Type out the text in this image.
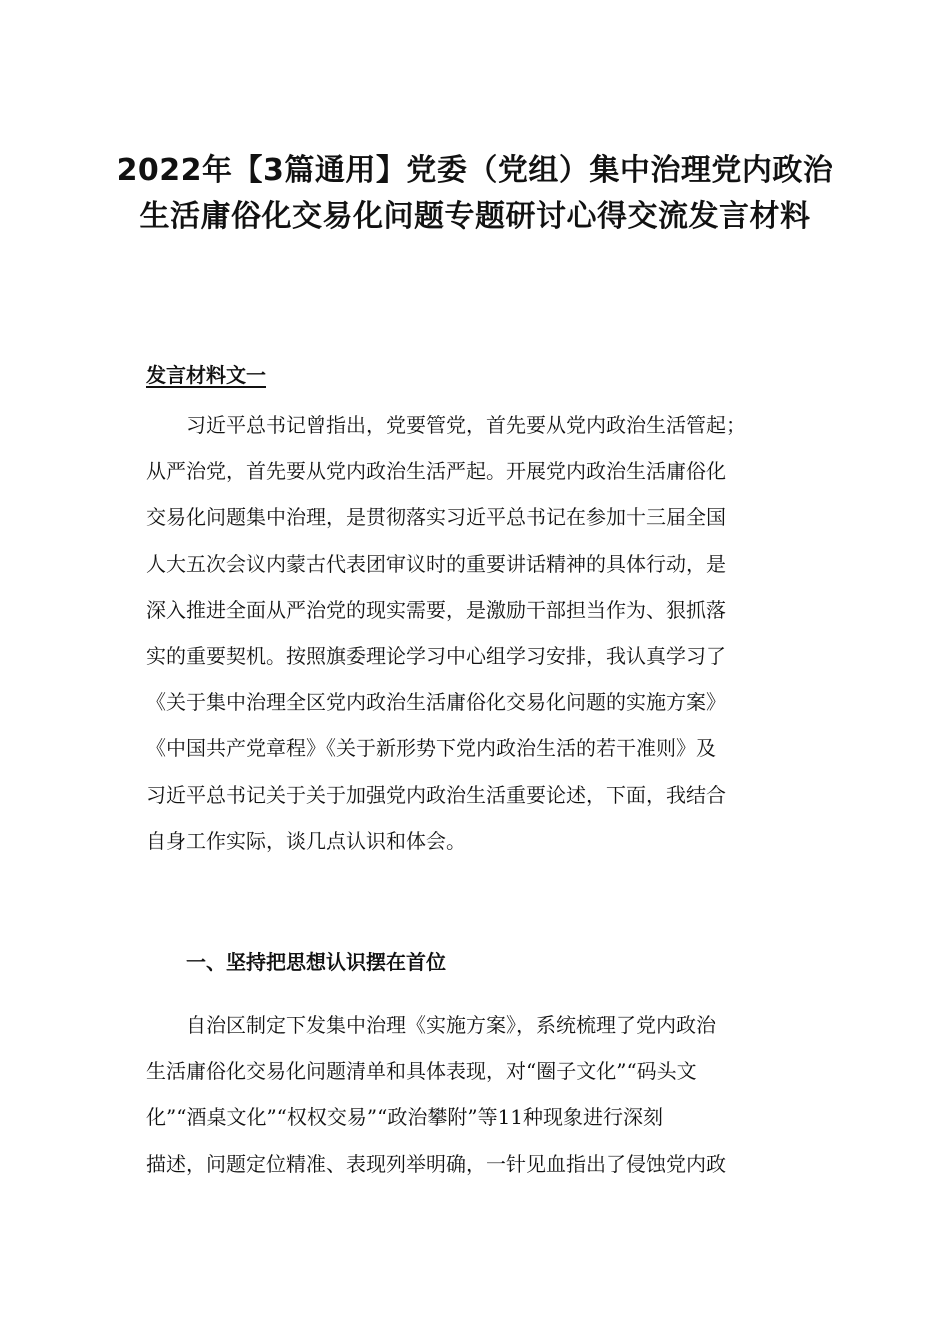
2022年【3篇通用】党委（党组）集中治理党内政治
生活庸俗化交易化问题专题研讨心得交流发言材料
发言材料文一
习近平总书记曾指出，党要管党，首先要从党内政治生活管起；
从严治党，首先要从党内政治生活严起。开展党内政治生活庸俗化
交易化问题集中治理，是贯彻落实习近平总书记在参加十三届全国
人大五次会议内蒙古代表团审议时的重要讲话精神的具体行动，是
深入推进全面从严治党的现实需要，是激励干部担当作为、狠抓落
实的重要契机。按照旗委理论学习中心组学习安排，我认真学习了
《关于集中治理全区党内政治生活庸俗化交易化问题的实施方案》
《中国共产党章程》《关于新形势下党内政治生活的若干准则》及
习近平总书记关于关于加强党内政治生活重要论述，下面，我结合
自身工作实际，谈几点认识和体会。
一、坚持把思想认识摆在首位
自治区制定下发集中治理《实施方案》，系统梳理了党内政治
生活庸俗化交易化问题清单和具体表现，对“圈子文化”“码头文
化”“酒桌文化”“权权交易”“政治攀附”等11种现象进行深刻
描述，问题定位精准、表现列举明确，一针见血指出了侵蚀党内政
